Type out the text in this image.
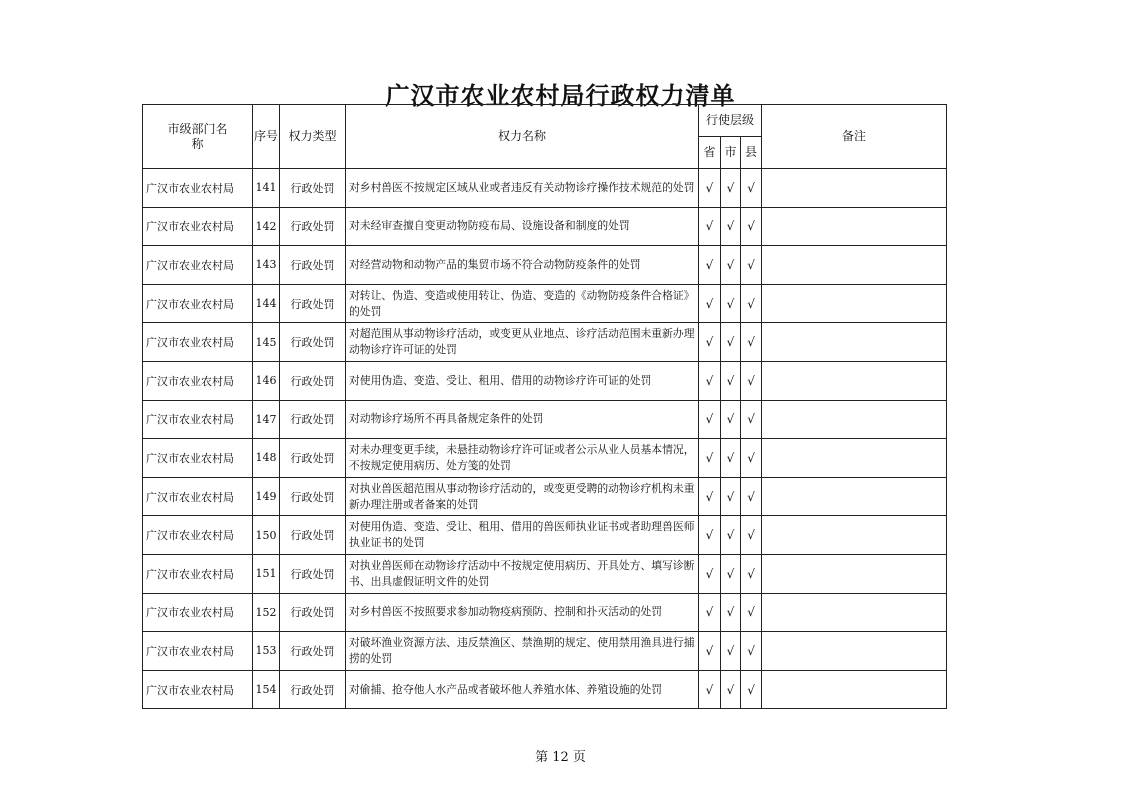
广汉市农业农村局行政权力清单
市级部门名称	序号	权力类型	权力名称	行使层级			备注
				省	市	县	
广汉市农业农村局	141	行政处罚	对乡村兽医不按规定区域从业或者违反有关动物诊疗操作技术规范的处罚	√	√	√	
广汉市农业农村局	142	行政处罚	对未经审查擅自变更动物防疫布局、设施设备和制度的处罚	√	√	√	
广汉市农业农村局	143	行政处罚	对经营动物和动物产品的集贸市场不符合动物防疫条件的处罚	√	√	√	
广汉市农业农村局	144	行政处罚	对转让、伪造、变造或使用转让、伪造、变造的《动物防疫条件合格证》的处罚	√	√	√	
广汉市农业农村局	145	行政处罚	对超范围从事动物诊疗活动，或变更从业地点、诊疗活动范围未重新办理动物诊疗许可证的处罚	√	√	√	
广汉市农业农村局	146	行政处罚	对使用伪造、变造、受让、租用、借用的动物诊疗许可证的处罚	√	√	√	
广汉市农业农村局	147	行政处罚	对动物诊疗场所不再具备规定条件的处罚	√	√	√	
广汉市农业农村局	148	行政处罚	对未办理变更手续，未悬挂动物诊疗许可证或者公示从业人员基本情况，不按规定使用病历、处方笺的处罚	√	√	√	
广汉市农业农村局	149	行政处罚	对执业兽医超范围从事动物诊疗活动的，或变更受聘的动物诊疗机构未重新办理注册或者备案的处罚	√	√	√	
广汉市农业农村局	150	行政处罚	对使用伪造、变造、受让、租用、借用的兽医师执业证书或者助理兽医师执业证书的处罚	√	√	√	
广汉市农业农村局	151	行政处罚	对执业兽医师在动物诊疗活动中不按规定使用病历、开具处方、填写诊断书、出具虚假证明文件的处罚	√	√	√	
广汉市农业农村局	152	行政处罚	对乡村兽医不按照要求参加动物疫病预防、控制和扑灭活动的处罚	√	√	√	
广汉市农业农村局	153	行政处罚	对破坏渔业资源方法、违反禁渔区、禁渔期的规定、使用禁用渔具进行捕捞的处罚	√	√	√	
广汉市农业农村局	154	行政处罚	对偷捕、抢夺他人水产品或者破坏他人养殖水体、养殖设施的处罚	√	√	√	
第 12 页
